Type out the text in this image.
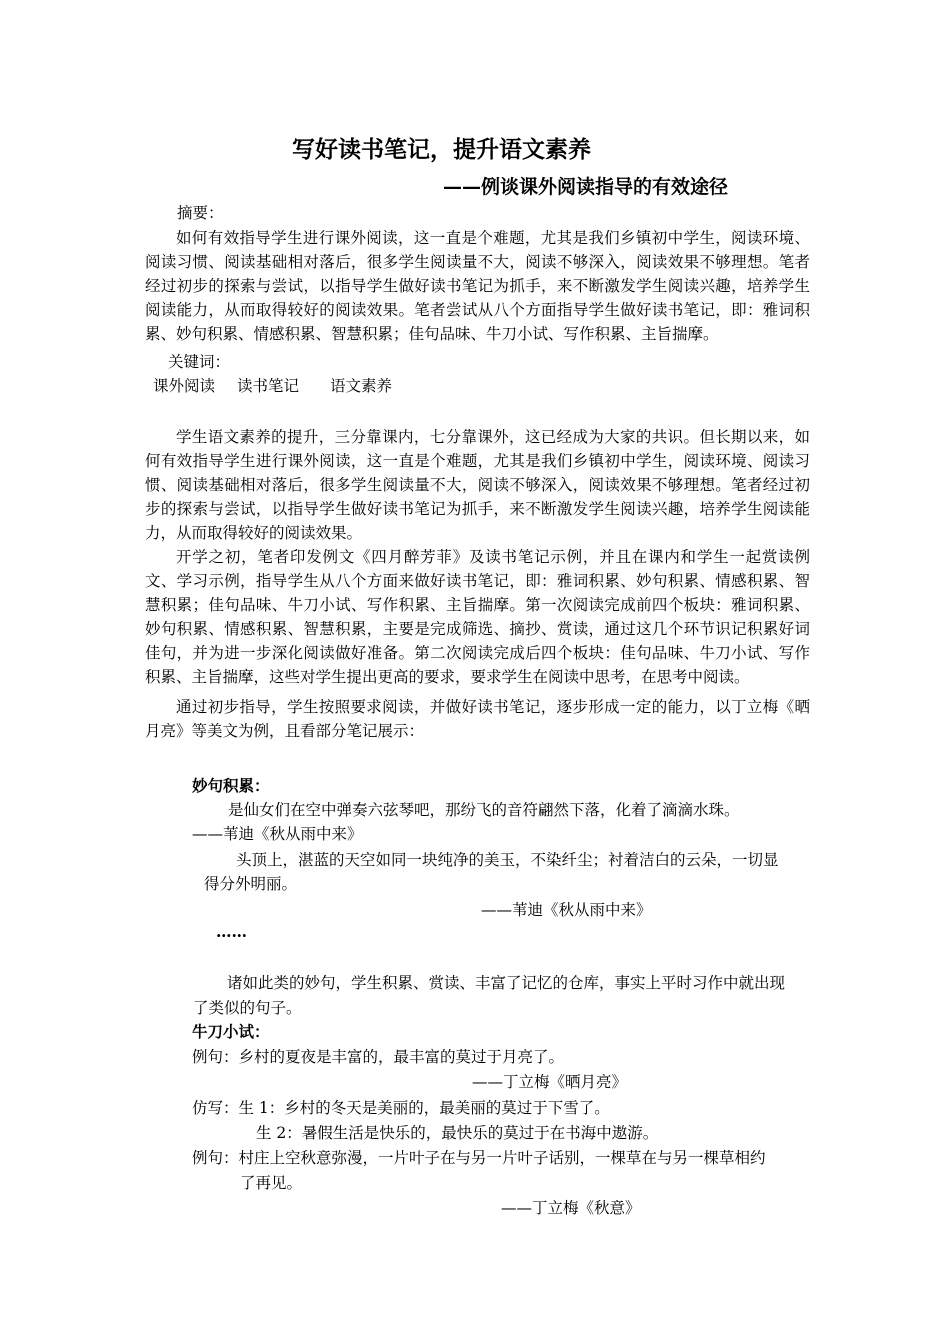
写好读书笔记，提升语文素养
——例谈课外阅读指导的有效途径
摘要：
如何有效指导学生进行课外阅读，这一直是个难题，尤其是我们乡镇初中学生，阅读环境、阅读习惯、阅读基础相对落后，很多学生阅读量不大，阅读不够深入，阅读效果不够理想。笔者经过初步的探索与尝试，以指导学生做好读书笔记为抓手，来不断激发学生阅读兴趣，培养学生阅读能力，从而取得较好的阅读效果。笔者尝试从八个方面指导学生做好读书笔记，即：雅词积累、妙句积累、情感积累、智慧积累；佳句品味、牛刀小试、写作积累、主旨揣摩。
关键词：
课外阅读 读书笔记 语文素养
学生语文素养的提升，三分靠课内，七分靠课外，这已经成为大家的共识。但长期以来，如何有效指导学生进行课外阅读，这一直是个难题，尤其是我们乡镇初中学生，阅读环境、阅读习惯、阅读基础相对落后，很多学生阅读量不大，阅读不够深入，阅读效果不够理想。笔者经过初步的探索与尝试，以指导学生做好读书笔记为抓手，来不断激发学生阅读兴趣，培养学生阅读能力，从而取得较好的阅读效果。
开学之初，笔者印发例文《四月醉芳菲》及读书笔记示例，并且在课内和学生一起赏读例文、学习示例，指导学生从八个方面来做好读书笔记，即：雅词积累、妙句积累、情感积累、智慧积累；佳句品味、牛刀小试、写作积累、主旨揣摩。第一次阅读完成前四个板块：雅词积累、妙句积累、情感积累、智慧积累，主要是完成筛选、摘抄、赏读，通过这几个环节识记积累好词佳句，并为进一步深化阅读做好准备。第二次阅读完成后四个板块：佳句品味、牛刀小试、写作积累、主旨揣摩，这些对学生提出更高的要求，要求学生在阅读中思考，在思考中阅读。
通过初步指导，学生按照要求阅读，并做好读书笔记，逐步形成一定的能力，以丁立梅《晒月亮》等美文为例，且看部分笔记展示：
妙句积累：
是仙女们在空中弹奏六弦琴吧，那纷飞的音符翩然下落，化着了滴滴水珠。
——苇迪《秋从雨中来》
头顶上，湛蓝的天空如同一块纯净的美玉，不染纤尘；衬着洁白的云朵，一切显
得分外明丽。
——苇迪《秋从雨中来》
……
诸如此类的妙句，学生积累、赏读、丰富了记忆的仓库，事实上平时习作中就出现
了类似的句子。
牛刀小试：
例句：乡村的夏夜是丰富的，最丰富的莫过于月亮了。
——丁立梅《晒月亮》
仿写：生 1：乡村的冬天是美丽的，最美丽的莫过于下雪了。
生 2：暑假生活是快乐的，最快乐的莫过于在书海中遨游。
例句：村庄上空秋意弥漫，一片叶子在与另一片叶子话别，一棵草在与另一棵草相约
了再见。
——丁立梅《秋意》
